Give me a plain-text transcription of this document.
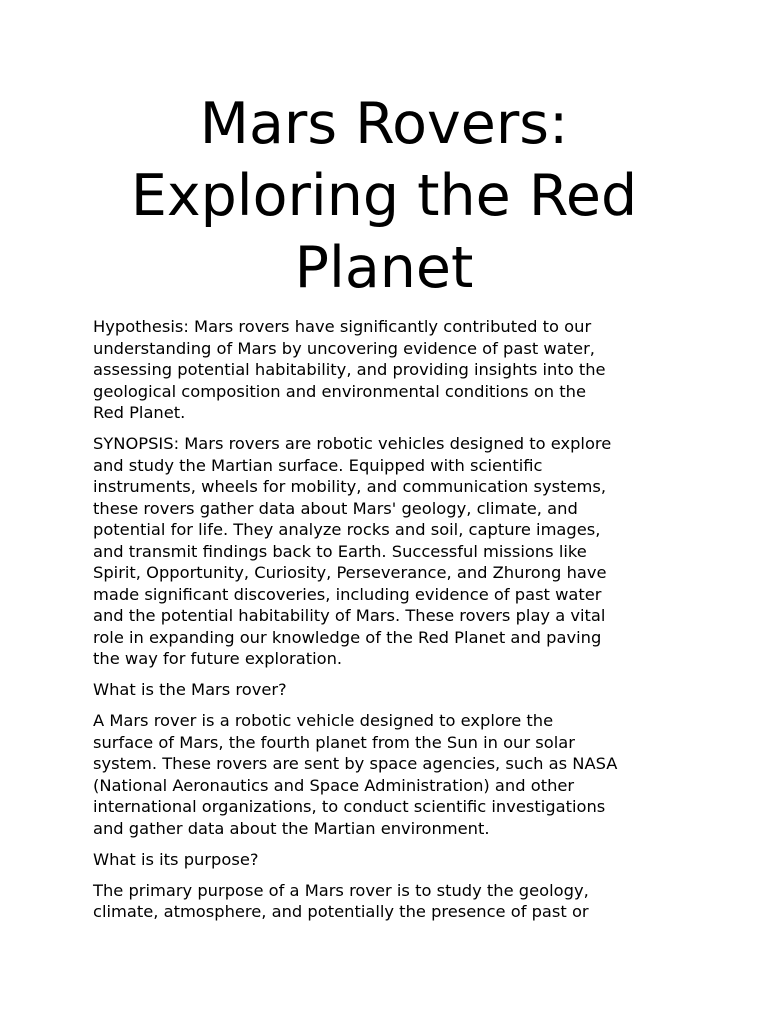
Mars Rovers:
Exploring the Red
Planet

Hypothesis: Mars rovers have significantly contributed to our
understanding of Mars by uncovering evidence of past water,
assessing potential habitability, and providing insights into the
geological composition and environmental conditions on the
Red Planet.

SYNOPSIS: Mars rovers are robotic vehicles designed to explore
and study the Martian surface. Equipped with scientific
instruments, wheels for mobility, and communication systems,
these rovers gather data about Mars' geology, climate, and
potential for life. They analyze rocks and soil, capture images,
and transmit findings back to Earth. Successful missions like
Spirit, Opportunity, Curiosity, Perseverance, and Zhurong have
made significant discoveries, including evidence of past water
and the potential habitability of Mars. These rovers play a vital
role in expanding our knowledge of the Red Planet and paving
the way for future exploration.

What is the Mars rover?

A Mars rover is a robotic vehicle designed to explore the
surface of Mars, the fourth planet from the Sun in our solar
system. These rovers are sent by space agencies, such as NASA
(National Aeronautics and Space Administration) and other
international organizations, to conduct scientific investigations
and gather data about the Martian environment.

What is its purpose?

The primary purpose of a Mars rover is to study the geology,
climate, atmosphere, and potentially the presence of past or
